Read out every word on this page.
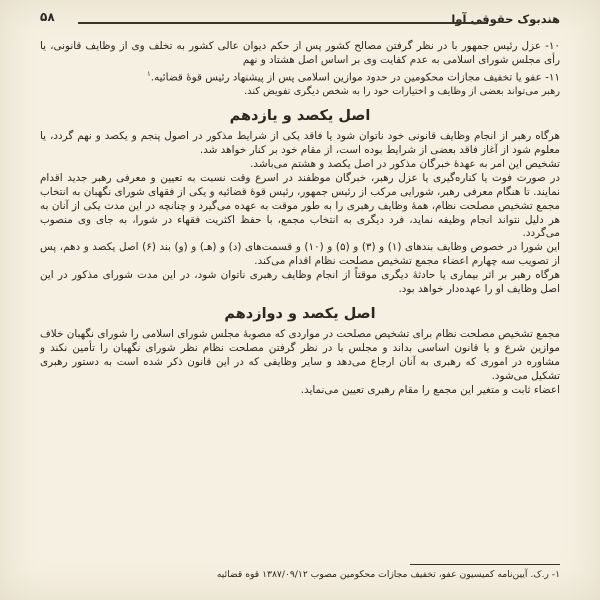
هندبوک حقوقی آوا
۵۸

۱۰- عزل رئیس جمهور با در نظر گرفتن مصالح کشور پس از حکم دیوان عالی کشور به تخلف وی از وظایف قانونی، یا رأی مجلس شورای اسلامی به عدم کفایت وی بر اساس اصل هشتاد و نهم

۱۱- عفو یا تخفیف مجازات محکومین در حدود موازین اسلامی پس از پیشنهاد رئیس قوهٔ قضائیه.$^۱$

رهبر می‌تواند بعضی از وظایف و اختیارات خود را به شخص دیگری تفویض کند.

اصل یکصد و یازدهم

هرگاه رهبر از انجام وظایف قانونی خود ناتوان شود یا فاقد یکی از شرایط مذکور در اصول پنجم و یکصد و نهم گردد، یا معلوم شود از آغاز فاقد بعضی از شرایط بوده است، از مقام خود بر کنار خواهد شد.

تشخیص این امر به عهدهٔ خبرگان مذکور در اصل یکصد و هشتم می‌باشد.

در صورت فوت یا کناره‌گیری یا عزل رهبر، خبرگان موظفند در اسرع وقت نسبت به تعیین و معرفی رهبر جدید اقدام نمایند. تا هنگام معرفی رهبر، شورایی مرکب از رئیس جمهور، رئیس قوهٔ قضائیه و یکی از فقهای شورای نگهبان به انتخاب مجمع تشخیص مصلحت نظام، همهٔ وظایف رهبری را به طور موقت به عهده می‌گیرد و چنانچه در این مدت یکی از آنان به هر دلیل نتواند انجام وظیفه نماید، فرد دیگری به انتخاب مجمع، با حفظ اکثریت فقهاء در شورا، به جای وی منصوب می‌گردد.

این شورا در خصوص وظایف بندهای (۱) و (۳) و (۵) و (۱۰) و قسمت‌های (د) و (هـ) و (و) بند (۶) اصل یکصد و دهم، پس از تصویب سه چهارم اعضاء مجمع تشخیص مصلحت نظام اقدام می‌کند.

هرگاه رهبر بر اثر بیماری یا حادثهٔ دیگری موقتاً از انجام وظایف رهبری ناتوان شود، در این مدت شورای مذکور در این اصل وظایف او را عهده‌دار خواهد بود.

اصل یکصد و دوازدهم

مجمع تشخیص مصلحت نظام برای تشخیص مصلحت در مواردی که مصوبهٔ مجلس شورای اسلامی را شورای نگهبان خلاف موازین شرع و یا قانون اساسی بداند و مجلس با در نظر گرفتن مصلحت نظام نظر شورای نگهبان را تأمین نکند و مشاوره در اموری که رهبری به آنان ارجاع می‌دهد و سایر وظایفی که در این قانون ذکر شده است به دستور رهبری تشکیل می‌شود.

اعضاء ثابت و متغیر این مجمع را مقام رهبری تعیین می‌نماید.

۱- ر.ک. آیین‌نامه کمیسیون عفو، تخفیف مجازات محکومین مصوب ۱۳۸۷/۰۹/۱۲ قوه قضائیه
